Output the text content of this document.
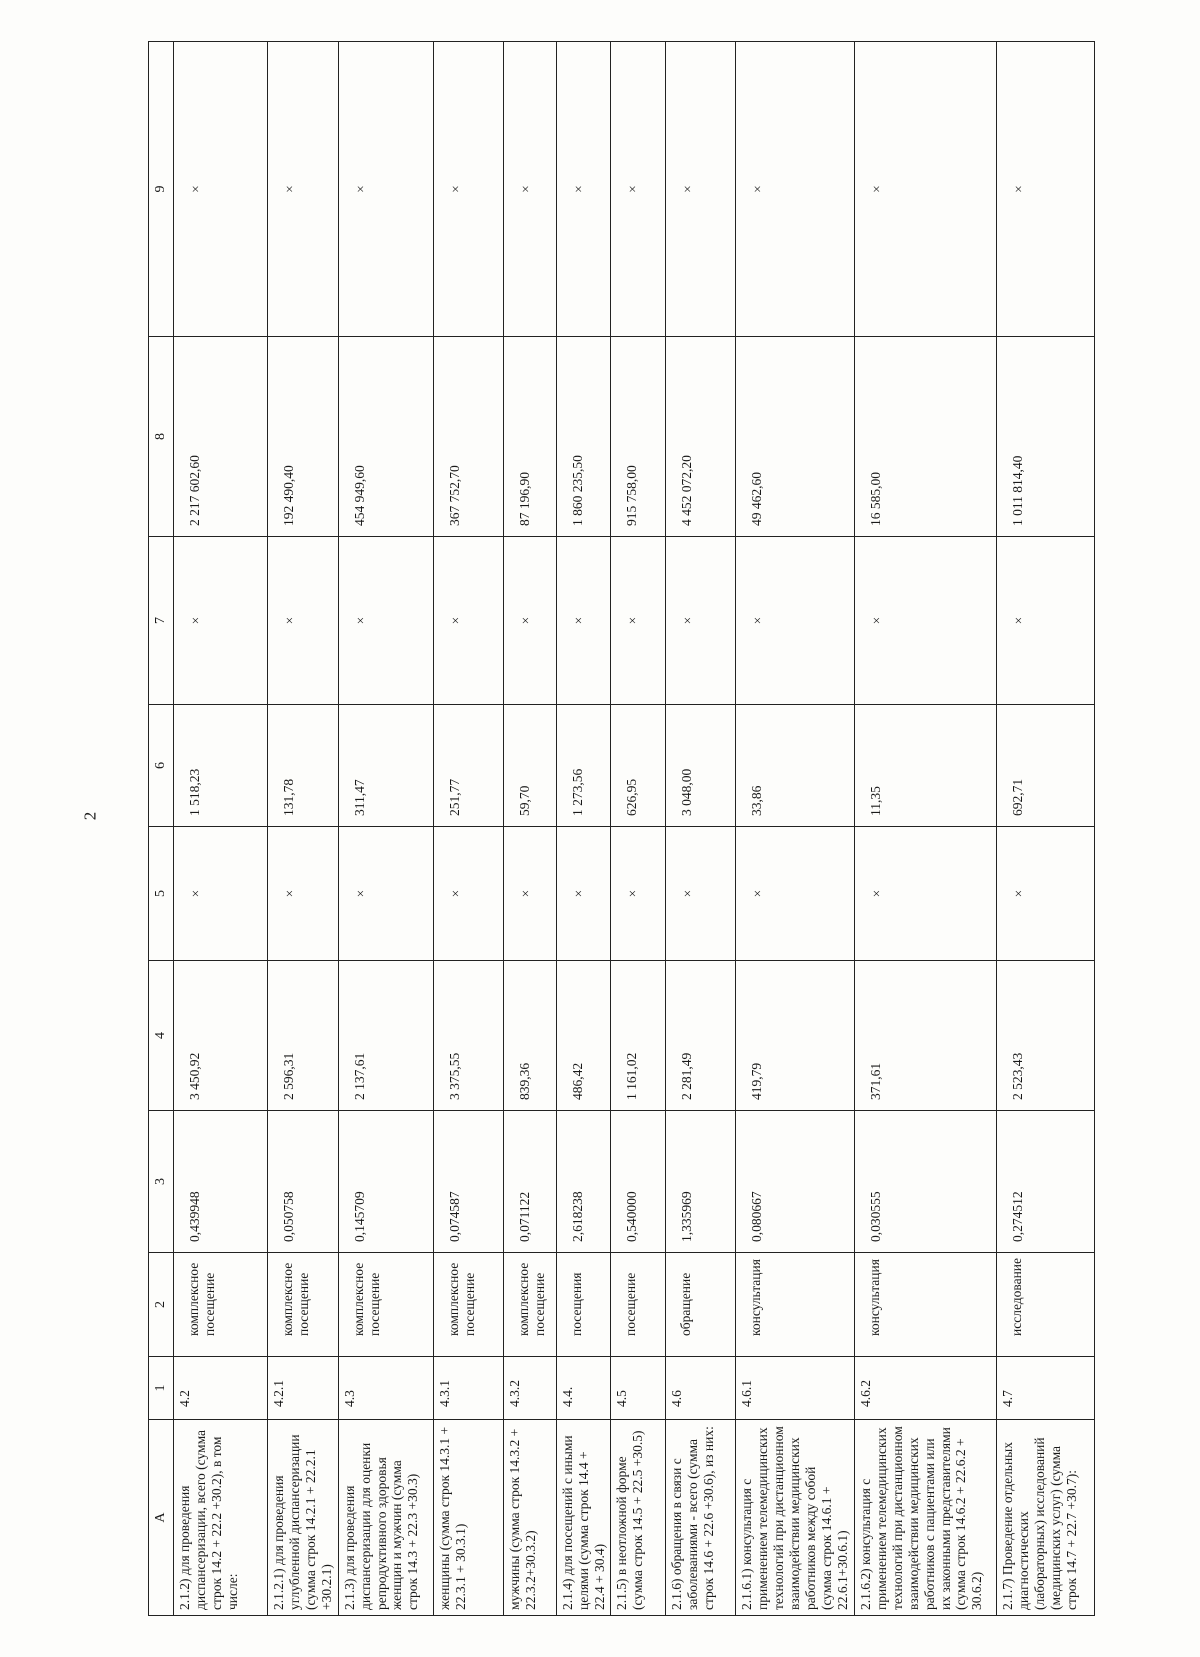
2
A	1	2	3	4	5	6	7	8	9
2.1.2) для проведения диспансеризации, всего (сумма строк 14.2 + 22.2 +30.2), в том числе:	4.2	комплексное посещение	0,439948	3 450,92	×	1 518,23	×	2 217 602,60	×
2.1.2.1) для проведения углубленной диспансеризации (сумма строк 14.2.1 + 22.2.1 +30.2.1)	4.2.1	комплексное посещение	0,050758	2 596,31	×	131,78	×	192 490,40	×
2.1.3) для проведения диспансеризации для оценки репродуктивного здоровья женщин и мужчин (сумма строк 14.3 + 22.3 +30.3)	4.3	комплексное посещение	0,145709	2 137,61	×	311,47	×	454 949,60	×
женщины (сумма строк 14.3.1 + 22.3.1 + 30.3.1)	4.3.1	комплексное посещение	0,074587	3 375,55	×	251,77	×	367 752,70	×
мужчины (сумма строк 14.3.2 + 22.3.2+30.3.2)	4.3.2	комплексное посещение	0,071122	839,36	×	59,70	×	87 196,90	×
2.1.4) для посещений с иными целями (сумма строк 14.4 + 22.4 + 30.4)	4.4.	посещения	2,618238	486,42	×	1 273,56	×	1 860 235,50	×
2.1.5) в неотложной форме (сумма строк 14.5 + 22.5 +30.5)	4.5	посещение	0,540000	1 161,02	×	626,95	×	915 758,00	×
2.1.6) обращения в связи с заболеваниями - всего (сумма строк 14.6 + 22.6 +30.6), из них:	4.6	обращение	1,335969	2 281,49	×	3 048,00	×	4 452 072,20	×
2.1.6.1) консультация с применением телемедицинских технологий при дистанционном взаимодействии медицинских работников между собой (сумма строк 14.6.1 + 22.6.1+30.6.1)	4.6.1	консультация	0,080667	419,79	×	33,86	×	49 462,60	×
2.1.6.2) консультация с применением телемедицинских технологий при дистанционном взаимодействии медицинских работников с пациентами или их законными представителями (сумма строк 14.6.2 + 22.6.2 + 30.6.2)	4.6.2	консультация	0,030555	371,61	×	11,35	×	16 585,00	×
2.1.7) Проведение отдельных диагностических (лабораторных) исследований (медицинских услуг) (сумма строк 14.7 + 22.7 +30.7):	4.7	исследование	0,274512	2 523,43	×	692,71	×	1 011 814,40	×
